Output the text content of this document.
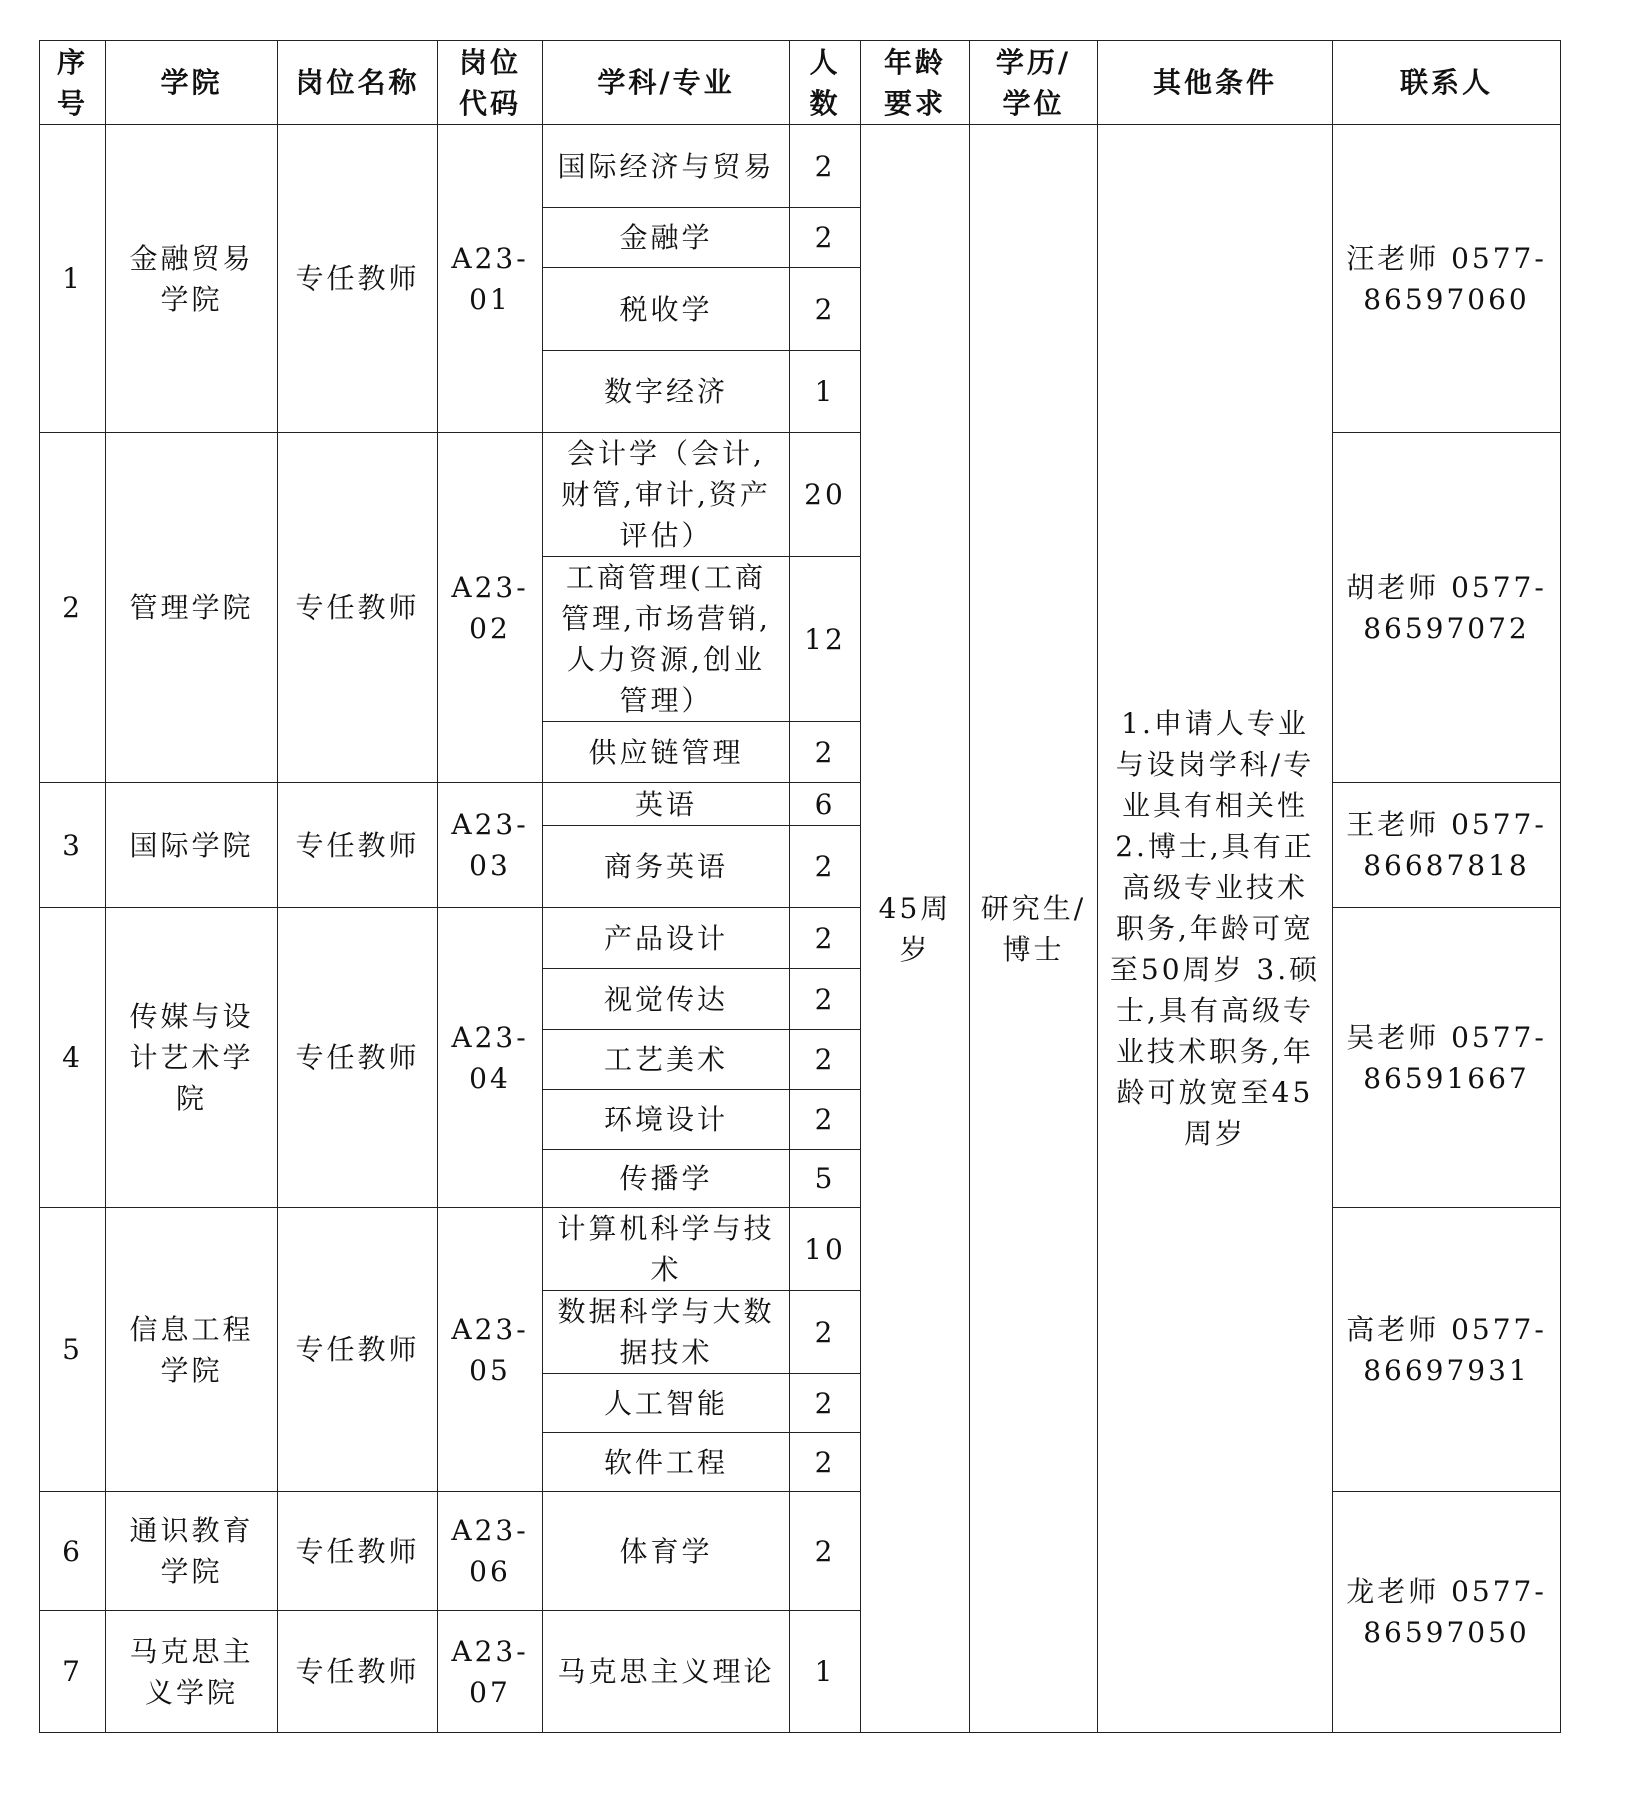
序号	学院	岗位名称	岗位代码	学科/专业	人数	年龄要求	学历/学位	其他条件	联系人
1	金融贸易学院	专任教师	A23-01	国际经济与贸易	2	45周岁	研究生/博士	1.申请人专业与设岗学科/专业具有相关性 2.博士,具有正高级专业技术职务,年龄可宽至50周岁 3.硕士,具有高级专业技术职务,年龄可放宽至45周岁	汪老师 0577-86597060
				金融学	2				
				税收学	2				
				数字经济	1				
2	管理学院	专任教师	A23-02	会计学（会计,财管,审计,资产评估）	20				胡老师 0577-86597072
				工商管理(工商管理,市场营销,人力资源,创业管理）	12				
				供应链管理	2				
3	国际学院	专任教师	A23-03	英语	6				王老师 0577-86687818
				商务英语	2				
4	传媒与设计艺术学院	专任教师	A23-04	产品设计	2				吴老师 0577-86591667
				视觉传达	2				
				工艺美术	2				
				环境设计	2				
				传播学	5				
5	信息工程学院	专任教师	A23-05	计算机科学与技术	10				高老师 0577-86697931
				数据科学与大数据技术	2				
				人工智能	2				
				软件工程	2				
6	通识教育学院	专任教师	A23-06	体育学	2				龙老师 0577-86597050
7	马克思主义学院	专任教师	A23-07	马克思主义理论	1				
